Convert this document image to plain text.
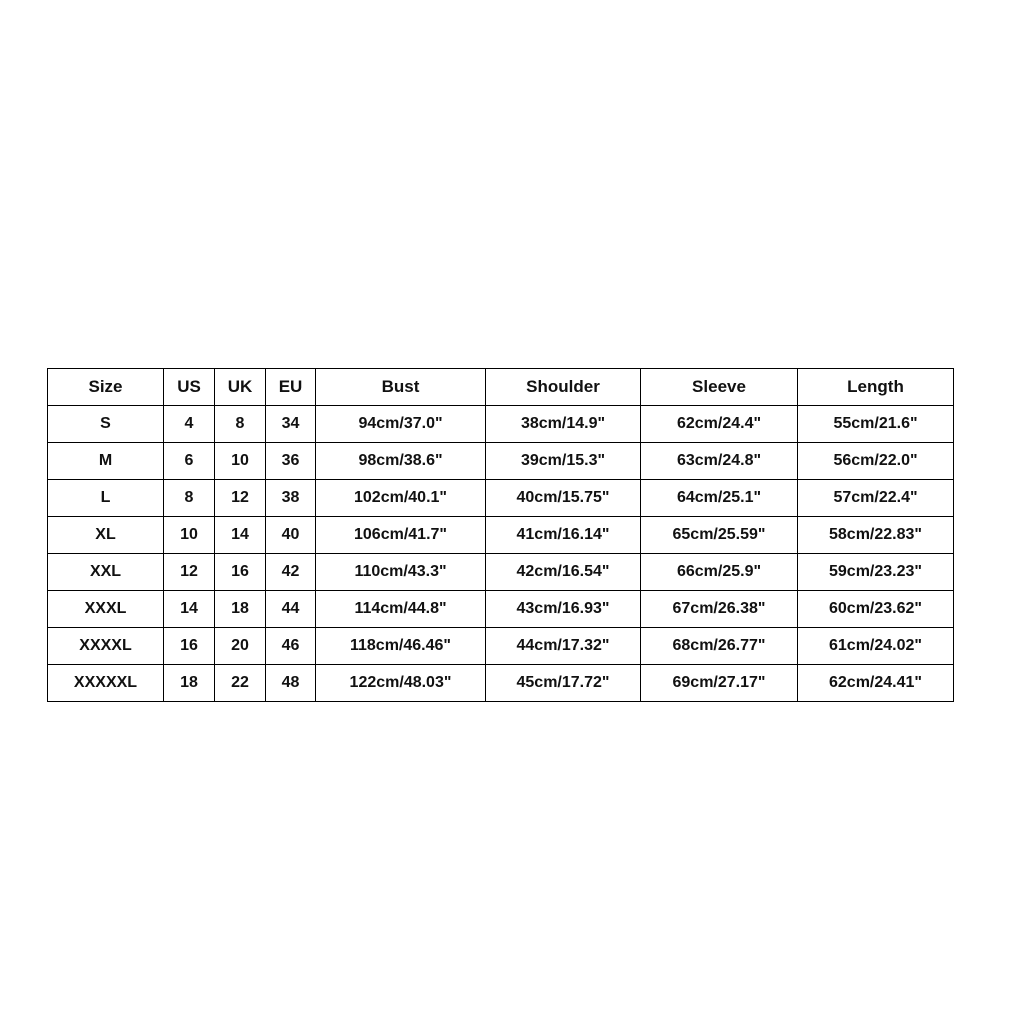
Size	US	UK	EU	Bust	Shoulder	Sleeve	Length
S	4	8	34	94cm/37.0"	38cm/14.9"	62cm/24.4"	55cm/21.6"
M	6	10	36	98cm/38.6"	39cm/15.3"	63cm/24.8"	56cm/22.0"
L	8	12	38	102cm/40.1"	40cm/15.75"	64cm/25.1"	57cm/22.4"
XL	10	14	40	106cm/41.7"	41cm/16.14"	65cm/25.59"	58cm/22.83"
XXL	12	16	42	110cm/43.3"	42cm/16.54"	66cm/25.9"	59cm/23.23"
XXXL	14	18	44	114cm/44.8"	43cm/16.93"	67cm/26.38"	60cm/23.62"
XXXXL	16	20	46	118cm/46.46"	44cm/17.32"	68cm/26.77"	61cm/24.02"
XXXXXL	18	22	48	122cm/48.03"	45cm/17.72"	69cm/27.17"	62cm/24.41"
